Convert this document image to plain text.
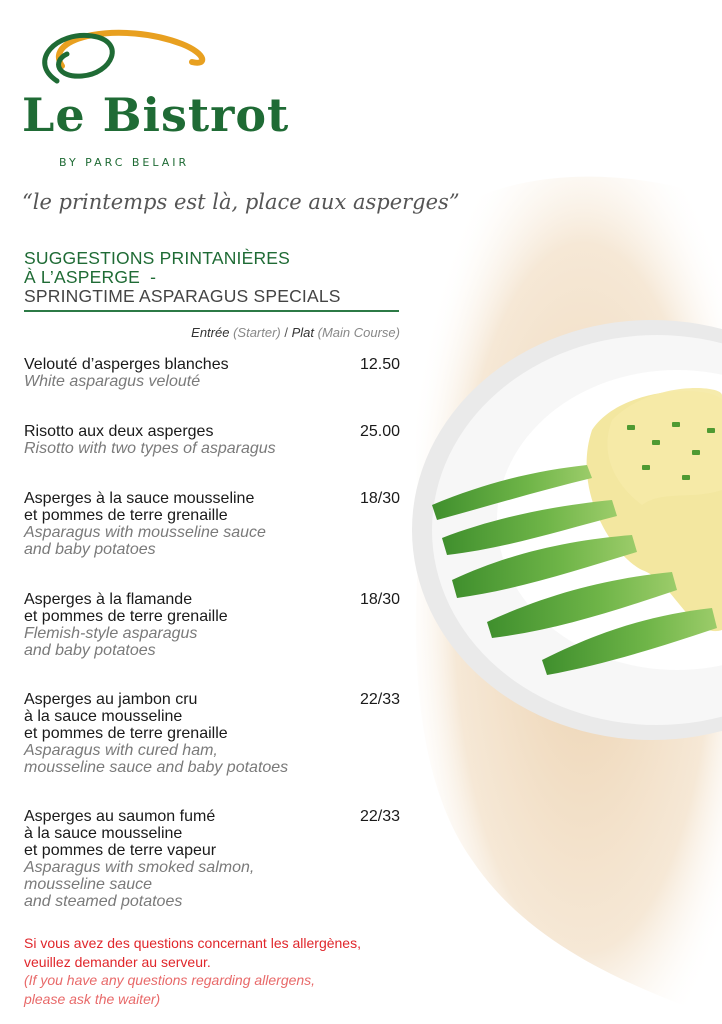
Le Bistrot
BY PARC BELAIR
“le printemps est là, place aux asperges”
SUGGESTIONS PRINTANIÈRES
À L’ASPERGE  -
SPRINGTIME ASPARAGUS SPECIALS
Entrée (Starter) / Plat (Main Course)
Velouté d’asperges blanches
White asparagus velouté
12.50
Risotto aux deux asperges
Risotto with two types of asparagus
25.00
Asperges à la sauce mousseline
et pommes de terre grenaille
Asparagus with mousseline sauce
and baby potatoes
18/30
Asperges à la flamande
et pommes de terre grenaille
Flemish-style asparagus
and baby potatoes
18/30
Asperges au jambon cru
à la sauce mousseline
et pommes de terre grenaille
Asparagus with cured ham,
mousseline sauce and baby potatoes
22/33
Asperges au saumon fumé
à la sauce mousseline
et pommes de terre vapeur
Asparagus with smoked salmon,
mousseline sauce
and steamed potatoes
22/33
Si vous avez des questions concernant les allergènes,
veuillez demander au serveur.
(If you have any questions regarding allergens,
please ask the waiter)
